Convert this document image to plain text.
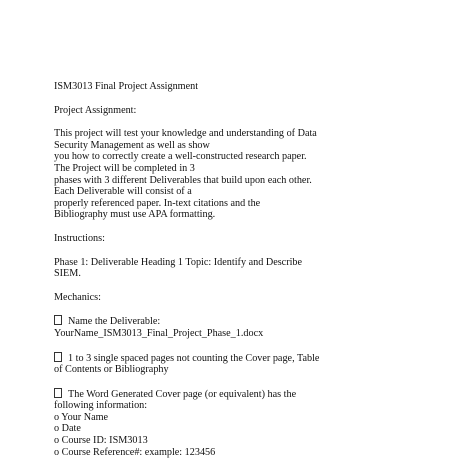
ISM3013 Final Project Assignment
Project Assignment:
This project will test your knowledge and understanding of Data
Security Management as well as show
you how to correctly create a well-constructed research paper.
The Project will be completed in 3
phases with 3 different Deliverables that build upon each other.
Each Deliverable will consist of a
properly referenced paper. In-text citations and the
Bibliography must use APA formatting.
Instructions:
Phase 1: Deliverable Heading 1 Topic: Identify and Describe
SIEM.
Mechanics:
Name the Deliverable:
YourName_ISM3013_Final_Project_Phase_1.docx
1 to 3 single spaced pages not counting the Cover page, Table
of Contents or Bibliography
The Word Generated Cover page (or equivalent) has the
following information:
o Your Name
o Date
o Course ID: ISM3013
o Course Reference#: example: 123456
